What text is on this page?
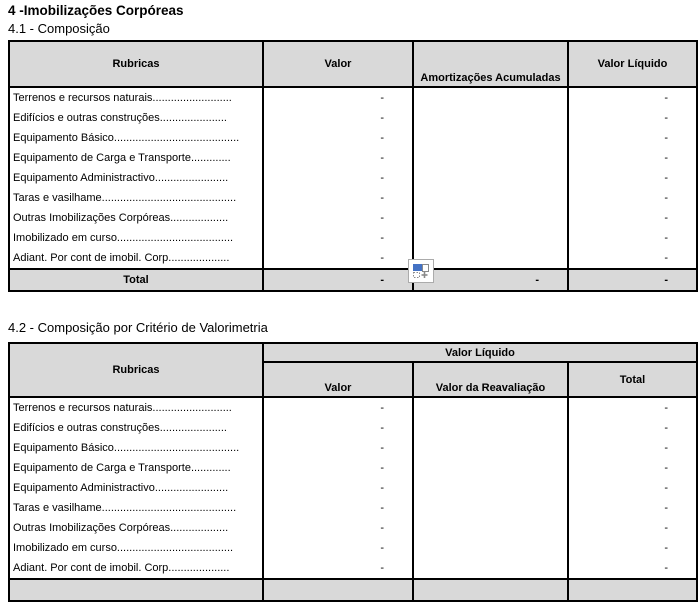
4 -Imobilizações Corpóreas
4.1 - Composição
Rubricas	Valor	Amortizações Acumuladas	Valor Líquido
Terrenos e recursos naturais..........................	-		-
Edifícios e outras construções......................	-		-
Equipamento Básico.........................................	-		-
Equipamento de Carga e Transporte.............	-		-
Equipamento Administractivo........................	-		-
Taras e vasilhame............................................	-		-
Outras Imobilizações Corpóreas...................	-		-
Imobilizado em curso......................................	-		-
Adiant. Por cont de imobil. Corp....................	-		-
Total	-	-	-
4.2 - Composição por Critério de Valorimetria
Rubricas	Valor Líquido		
	Valor	Valor da Reavaliação	Total
Terrenos e recursos naturais..........................	-		-
Edifícios e outras construções......................	-		-
Equipamento Básico.........................................	-		-
Equipamento de Carga e Transporte.............	-		-
Equipamento Administractivo........................	-		-
Taras e vasilhame............................................	-		-
Outras Imobilizações Corpóreas...................	-		-
Imobilizado em curso......................................	-		-
Adiant. Por cont de imobil. Corp....................	-		-
